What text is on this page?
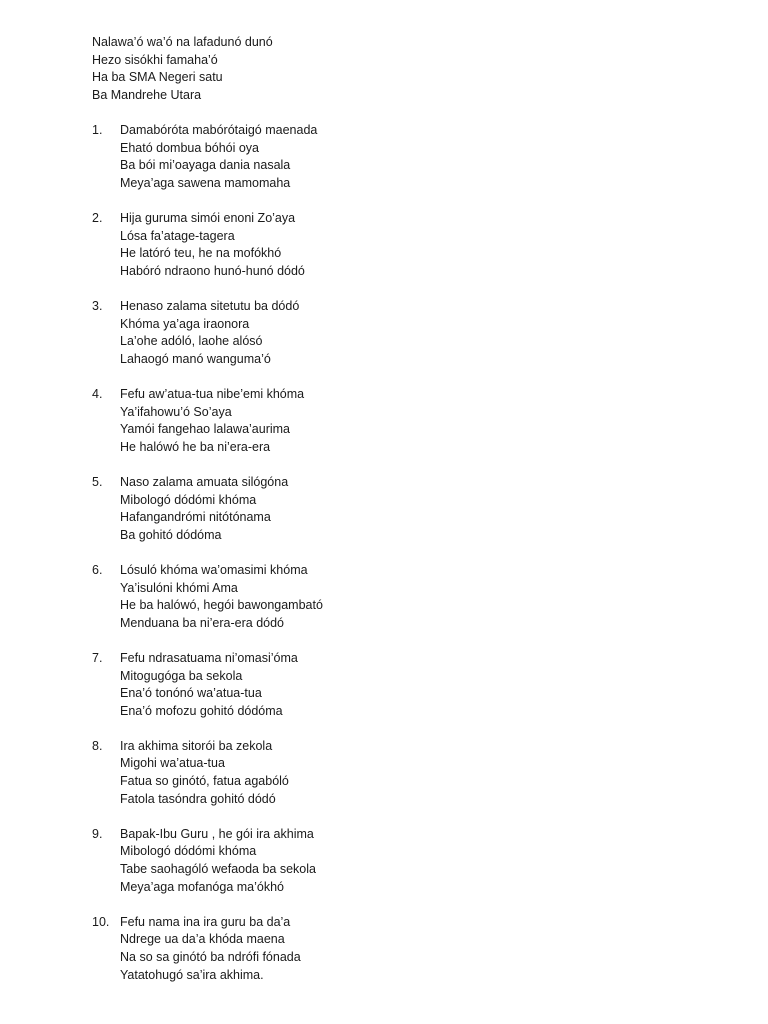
Nalawa’ó wa’ó na lafadunó dunó
Hezo sisókhi famaha’ó
Ha ba SMA Negeri satu
Ba Mandrehe Utara
1. Damabóróta mabórótaigó maenada
Eható dombua bóhói oya
Ba bói mi’oayaga dania nasala
Meya’aga sawena mamomaha
2. Hija guruma simói enoni Zo’aya
Lósa fa’atage-tagera
He latóró teu, he na mofókhó
Habóró ndraono hunó-hunó dódó
3. Henaso zalama sitetutu ba dódó
Khóma ya’aga iraonora
La’ohe adóló, laohe alósó
Lahaogó manó wanguma’ó
4. Fefu aw’atua-tua nibe’emi khóma
Ya’ifahowu’ó So’aya
Yamói fangehao lalawa’aurima
He halówó he ba ni’era-era
5. Naso zalama amuata silógóna
Mibologó dódómi khóma
Hafangandrómi nitótónama
Ba gohitó dódóma
6. Lósuló khóma wa’omasimi khóma
Ya’isulóni khómi Ama
He ba halówó, hegói bawongambató
Menduana ba ni’era-era dódó
7. Fefu ndrasatuama ni’omasi’óma
Mitogugóga ba sekola
Ena’ó tonónó wa’atua-tua
Ena’ó mofozu gohitó dódóma
8. Ira akhima sitorói ba zekola
Migohi wa’atua-tua
Fatua so ginótó, fatua agabóló
Fatola tasóndra gohitó dódó
9. Bapak-Ibu Guru , he gói ira akhima
Mibologó dódómi khóma
Tabe saohagóló wefaoda ba sekola
Meya’aga mofanóga ma’ókhó
10. Fefu nama ina ira guru ba da’a
Ndrege ua da’a khóda maena
Na so sa ginótó ba ndrófi fónada
Yatatohugó sa’ira akhima.
